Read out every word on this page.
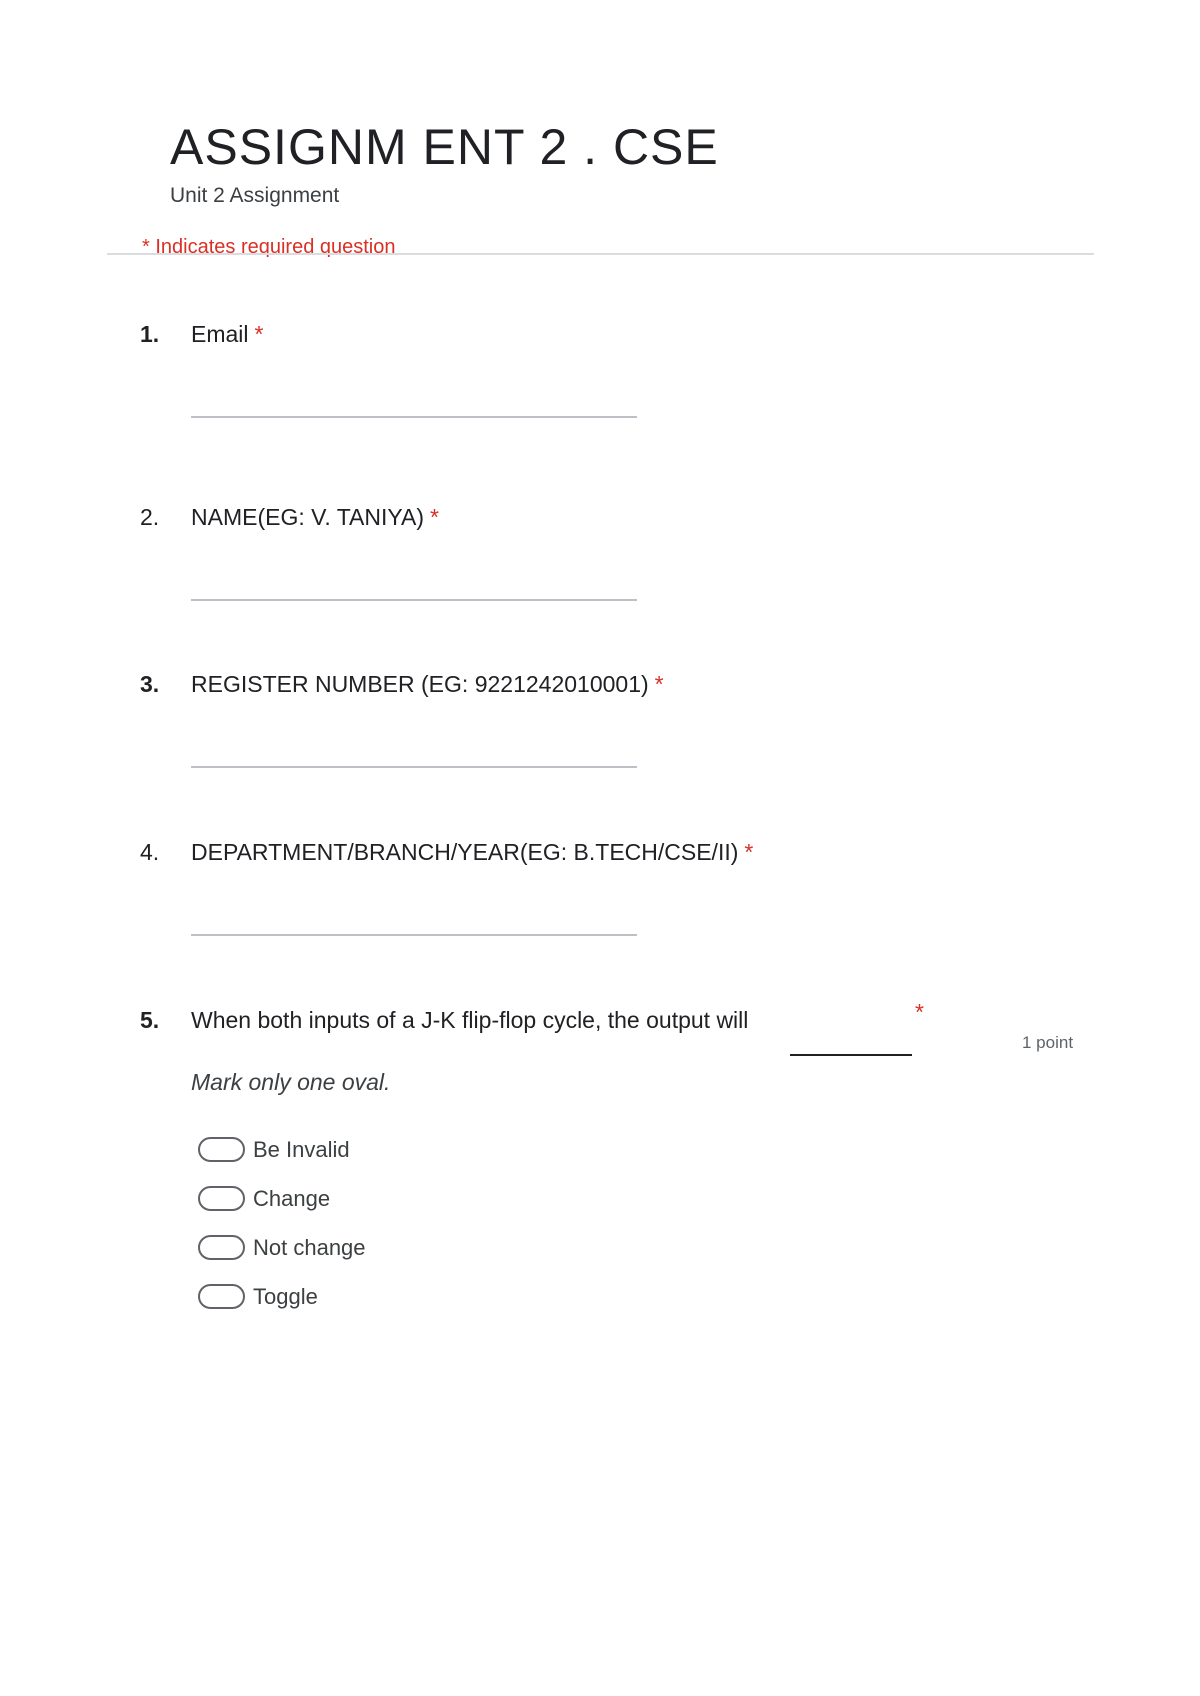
ASSIGNM ENT 2 . CSE

Unit 2 Assignment

* Indicates required question
1. Email *
2. NAME(EG: V. TANIYA) *
3. REGISTER NUMBER (EG: 9221242010001) *
4. DEPARTMENT/BRANCH/YEAR(EG: B.TECH/CSE/II) *
5. When both inputs of a J-K flip-flop cycle, the output will	*
1 point
Mark only one oval.
Be Invalid
Change
Not change
Toggle
